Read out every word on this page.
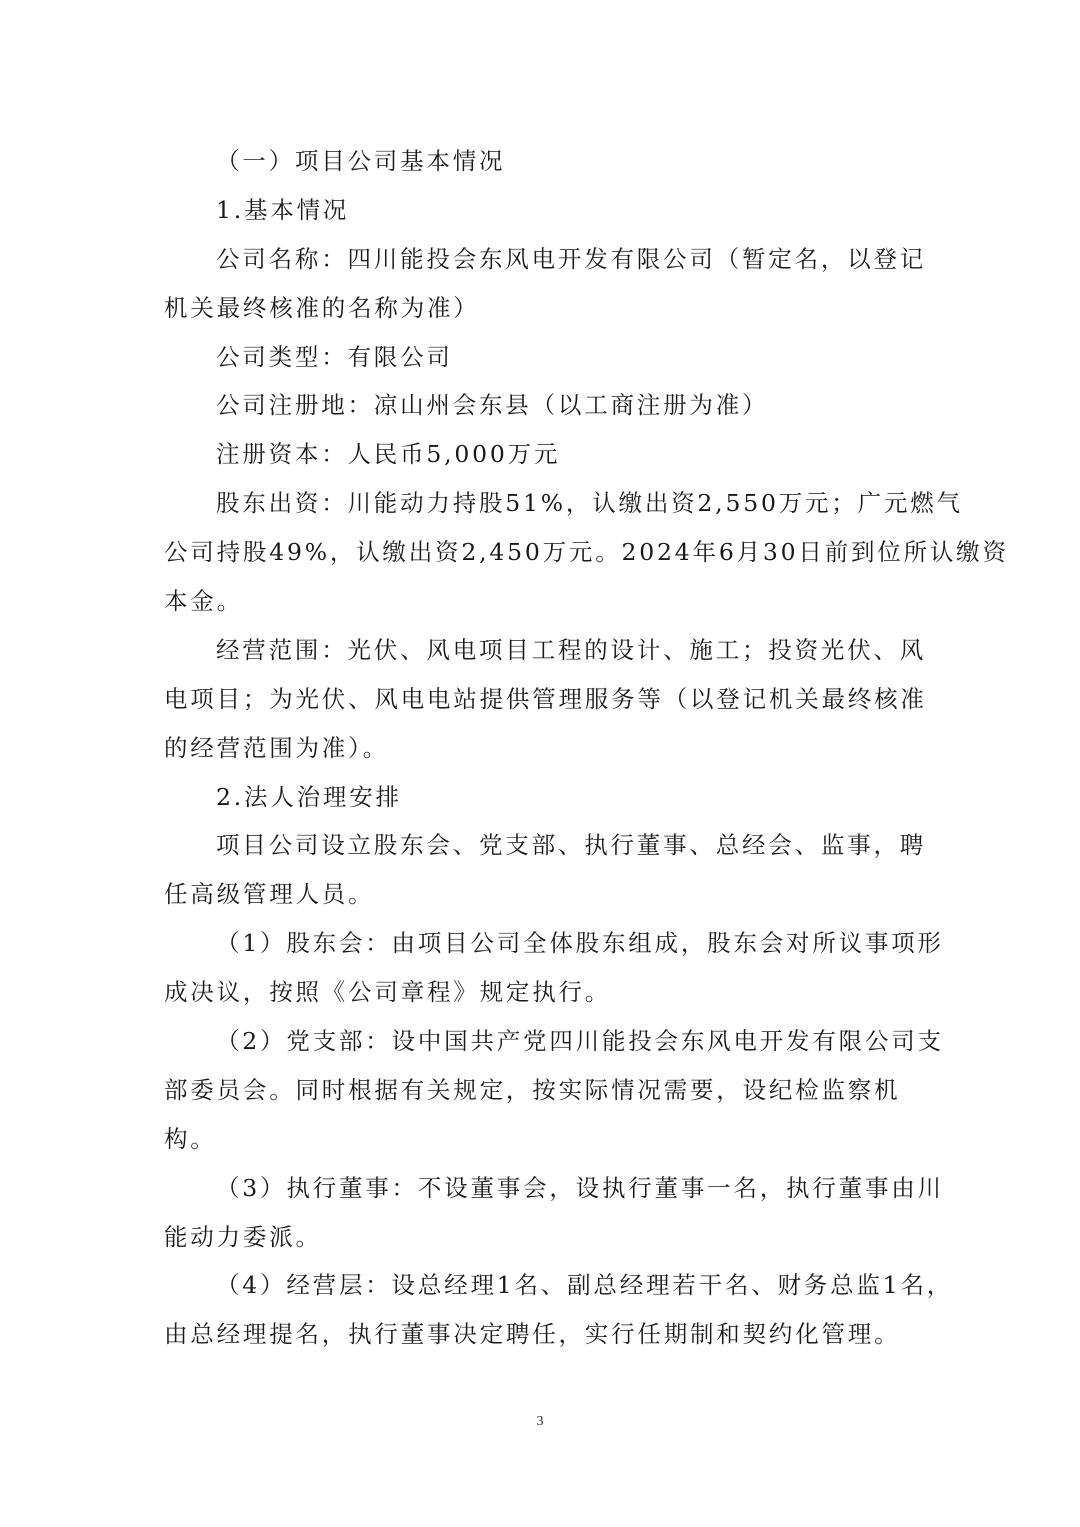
（一）项目公司基本情况
1.基本情况
公司名称：四川能投会东风电开发有限公司（暂定名，以登记
机关最终核准的名称为准）
公司类型：有限公司
公司注册地：凉山州会东县（以工商注册为准）
注册资本：人民币5,000万元
股东出资：川能动力持股51%，认缴出资2,550万元；广元燃气
公司持股49%，认缴出资2,450万元。2024年6月30日前到位所认缴资
本金。
经营范围：光伏、风电项目工程的设计、施工；投资光伏、风
电项目；为光伏、风电电站提供管理服务等（以登记机关最终核准
的经营范围为准）。
2.法人治理安排
项目公司设立股东会、党支部、执行董事、总经会、监事，聘
任高级管理人员。
（1）股东会：由项目公司全体股东组成，股东会对所议事项形
成决议，按照《公司章程》规定执行。
（2）党支部：设中国共产党四川能投会东风电开发有限公司支
部委员会。同时根据有关规定，按实际情况需要，设纪检监察机
构。
（3）执行董事：不设董事会，设执行董事一名，执行董事由川
能动力委派。
（4）经营层：设总经理1名、副总经理若干名、财务总监1名，
由总经理提名，执行董事决定聘任，实行任期制和契约化管理。
3
